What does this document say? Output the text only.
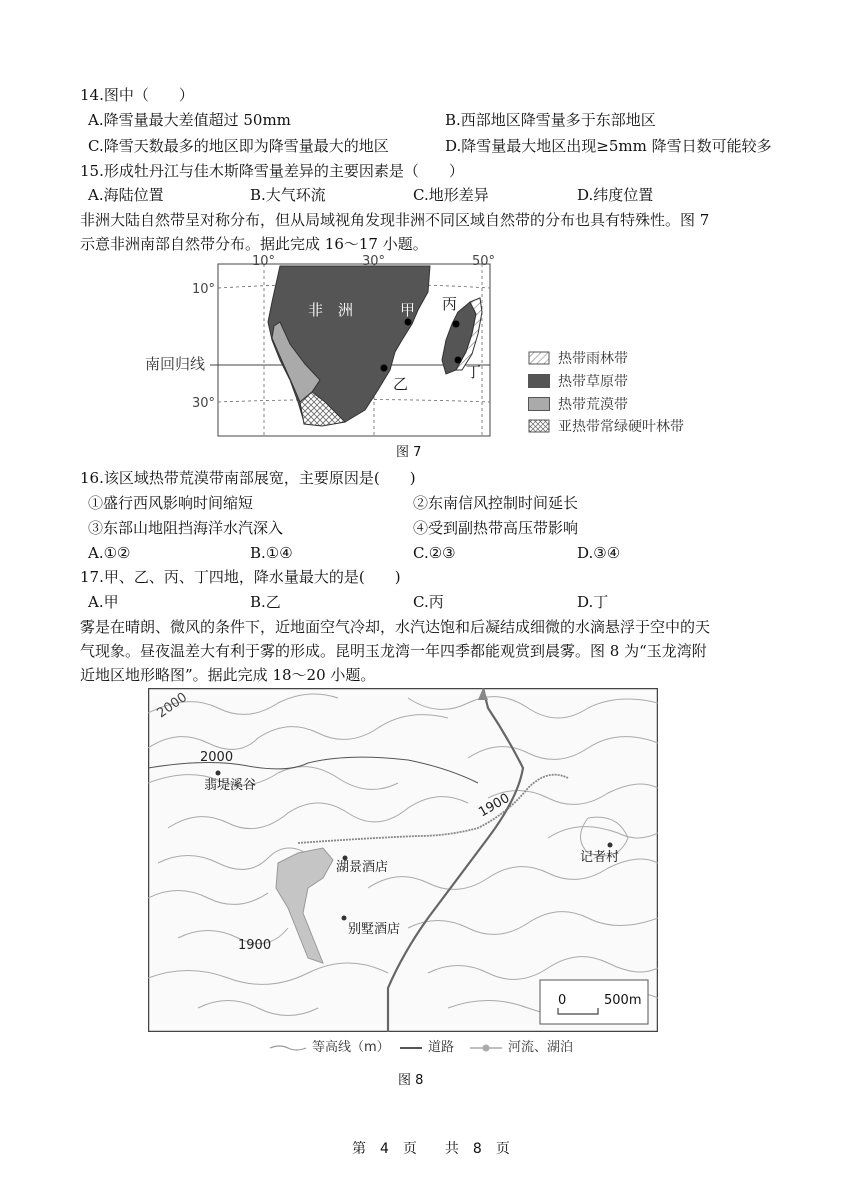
14.图中（　　）
A.降雪量最大差值超过 50mm	B.西部地区降雪量多于东部地区
C.降雪天数最多的地区即为降雪量最大的地区	D.降雪量最大地区出现≥5mm 降雪日数可能较多
15.形成牡丹江与佳木斯降雪量差异的主要因素是（　　）
A.海陆位置	B.大气环流	C.地形差异	D.纬度位置
非洲大陆自然带呈对称分布，但从局域视角发现非洲不同区域自然带的分布也具有特殊性。图 7
示意非洲南部自然带分布。据此完成 16～17 小题。
10°	30°	50°
10°
30°
南回归线
非　洲	甲
乙
丙
丁
热带雨林带
热带草原带
热带荒漠带
亚热带常绿硬叶林带
图 7
16.该区域热带荒漠带南部展宽，主要原因是(　　)
①盛行西风影响时间缩短	②东南信风控制时间延长
③东部山地阻挡海洋水汽深入	④受到副热带高压带影响
A.①②	B.①④	C.②③	D.③④
17.甲、乙、丙、丁四地，降水量最大的是(　　)
A.甲	B.乙	C.丙	D.丁
雾是在晴朗、微风的条件下，近地面空气冷却，水汽达饱和后凝结成细微的水滴悬浮于空中的天
气现象。昼夜温差大有利于雾的形成。昆明玉龙湾一年四季都能观赏到晨雾。图 8 为“玉龙湾附
近地区地形略图”。据此完成 18～20 小题。
2000
2000
1900
1900
翡堤溪谷
湖景酒店
别墅酒店
记者村
0	500m
等高线（m）	道路	河流、湖泊
图 8
第　4　页　　共　8　页
